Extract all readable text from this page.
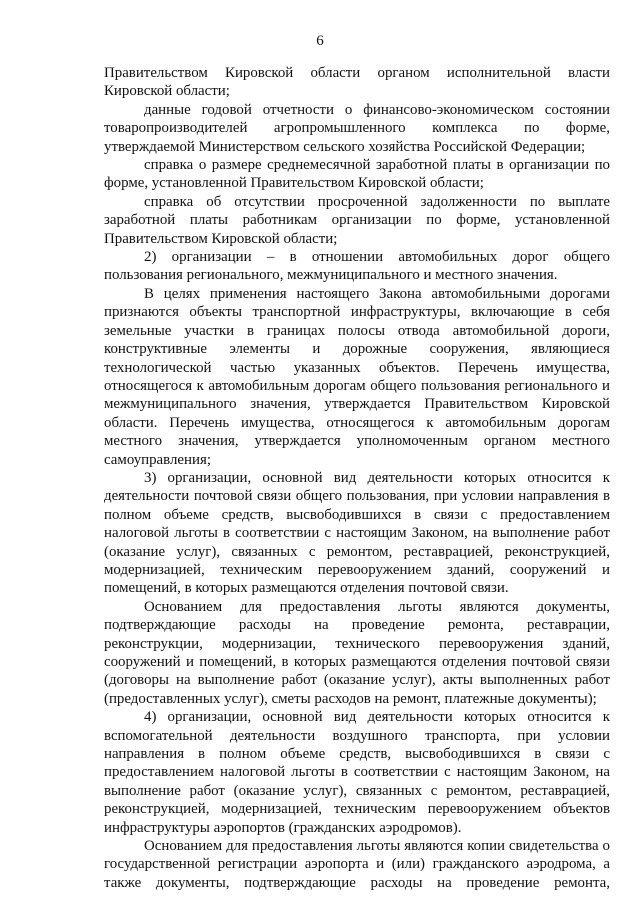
6

Правительством Кировской области органом исполнительной власти Кировской области;

данные годовой отчетности о финансово-экономическом состоянии товаропроизводителей агропромышленного комплекса по форме, утверждаемой Министерством сельского хозяйства Российской Федерации;

справка о размере среднемесячной заработной платы в организации по форме, установленной Правительством Кировской области;

справка об отсутствии просроченной задолженности по выплате заработной платы работникам организации по форме, установленной Правительством Кировской области;

2) организации – в отношении автомобильных дорог общего пользования регионального, межмуниципального и местного значения.

В целях применения настоящего Закона автомобильными дорогами признаются объекты транспортной инфраструктуры, включающие в себя земельные участки в границах полосы отвода автомобильной дороги, конструктивные элементы и дорожные сооружения, являющиеся технологической частью указанных объектов. Перечень имущества, относящегося к автомобильным дорогам общего пользования регионального и межмуниципального значения, утверждается Правительством Кировской области. Перечень имущества, относящегося к автомобильным дорогам местного значения, утверждается уполномоченным органом местного самоуправления;

3) организации, основной вид деятельности которых относится к деятельности почтовой связи общего пользования, при условии направления в полном объеме средств, высвободившихся в связи с предоставлением налоговой льготы в соответствии с настоящим Законом, на выполнение работ (оказание услуг), связанных с ремонтом, реставрацией, реконструкцией, модернизацией, техническим перевооружением зданий, сооружений и помещений, в которых размещаются отделения почтовой связи.

Основанием для предоставления льготы являются документы, подтверждающие расходы на проведение ремонта, реставрации, реконструкции, модернизации, технического перевооружения зданий, сооружений и помещений, в которых размещаются отделения почтовой связи (договоры на выполнение работ (оказание услуг), акты выполненных работ (предоставленных услуг), сметы расходов на ремонт, платежные документы);

4) организации, основной вид деятельности которых относится к вспомогательной деятельности воздушного транспорта, при условии направления в полном объеме средств, высвободившихся в связи с предоставлением налоговой льготы в соответствии с настоящим Законом, на выполнение работ (оказание услуг), связанных с ремонтом, реставрацией, реконструкцией, модернизацией, техническим перевооружением объектов инфраструктуры аэропортов (гражданских аэродромов).

Основанием для предоставления льготы являются копии свидетельства о государственной регистрации аэропорта и (или) гражданского аэродрома, а также документы, подтверждающие расходы на проведение ремонта,
